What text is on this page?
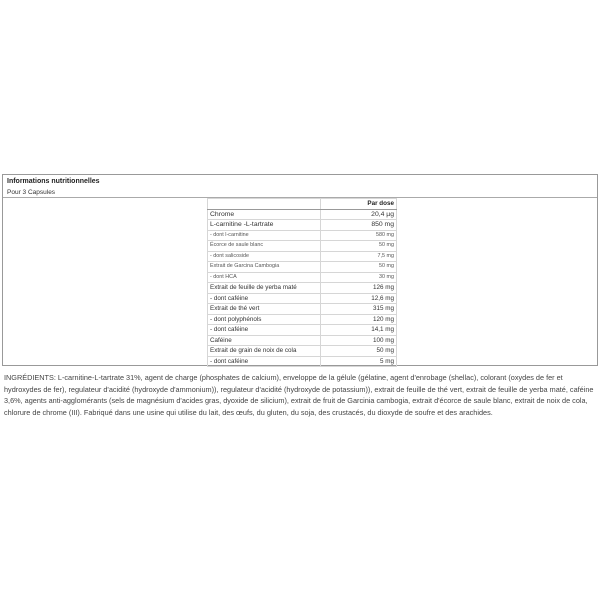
Informations nutritionnelles
Pour 3 Capsules
	Par dose
Chrome	20,4 µg
L-carnitine -L-tartrate	850 mg
- dont l-carnitine	580 mg
Écorce de saule blanc	50 mg
- dont salicoside	7,5 mg
Extrait de Garcina Cambogia	50 mg
- dont HCA	30 mg
Extrait de feuille de yerba maté	126 mg
- dont caféine	12,6 mg
Extrait de thé vert	315 mg
- dont polyphénols	120 mg
- dont caféine	14,1 mg
Caféine	100 mg
Extrait de grain de noix de cola	50 mg
- dont caféine	5 mg
INGRÉDIENTS: L-carnitine-L-tartrate 31%, agent de charge (phosphates de calcium), enveloppe de la gélule (gélatine, agent d'enrobage (shellac), colorant (oxydes de fer et hydroxydes de fer), regulateur d'acidité (hydroxyde d'ammonium)), regulateur d'acidité (hydroxyde de potassium)), extrait de feuille de thé vert, extrait de feuille de yerba maté, caféine 3,6%, agents anti-agglomérants (sels de magnésium d'acides gras, dyoxide de silicium), extrait de fruit de Garcinia cambogia, extrait d'écorce de saule blanc, extrait de noix de cola, chlorure de chrome (III). Fabriqué dans une usine qui utilise du lait, des œufs, du gluten, du soja, des crustacés, du dioxyde de soufre et des arachides.
